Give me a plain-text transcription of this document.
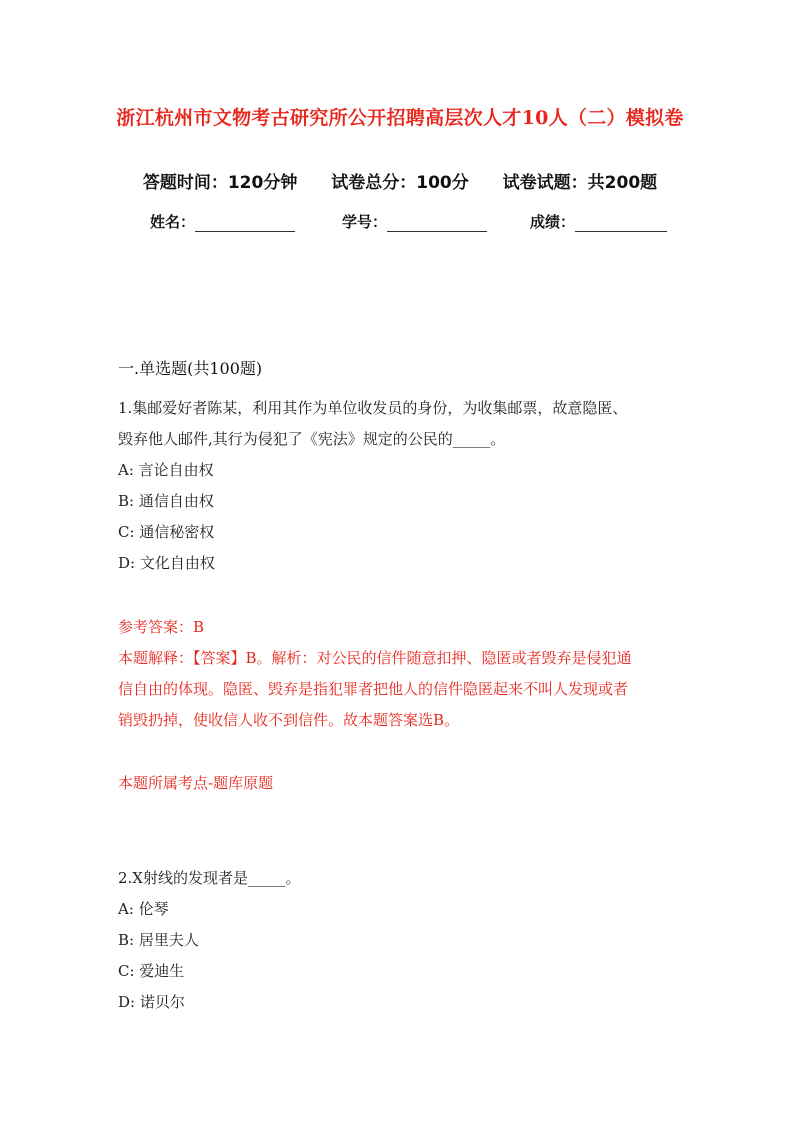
浙江杭州市文物考古研究所公开招聘高层次人才10人（二）模拟卷
答题时间：120分钟 试卷总分：100分 试卷试题：共200题
姓名：	学号：	成绩：
一.单选题(共100题)

1.集邮爱好者陈某，利用其作为单位收发员的身份，为收集邮票，故意隐匿、

毁弃他人邮件,其行为侵犯了《宪法》规定的公民的_____。

A: 言论自由权

B: 通信自由权

C: 通信秘密权

D: 文化自由权

参考答案：B

本题解释：【答案】B。解析：对公民的信件随意扣押、隐匿或者毁弃是侵犯通

信自由的体现。隐匿、毁弃是指犯罪者把他人的信件隐匿起来不叫人发现或者

销毁扔掉，使收信人收不到信件。故本题答案选B。

本题所属考点-题库原题

2.X射线的发现者是_____。

A: 伦琴

B: 居里夫人

C: 爱迪生

D: 诺贝尔
